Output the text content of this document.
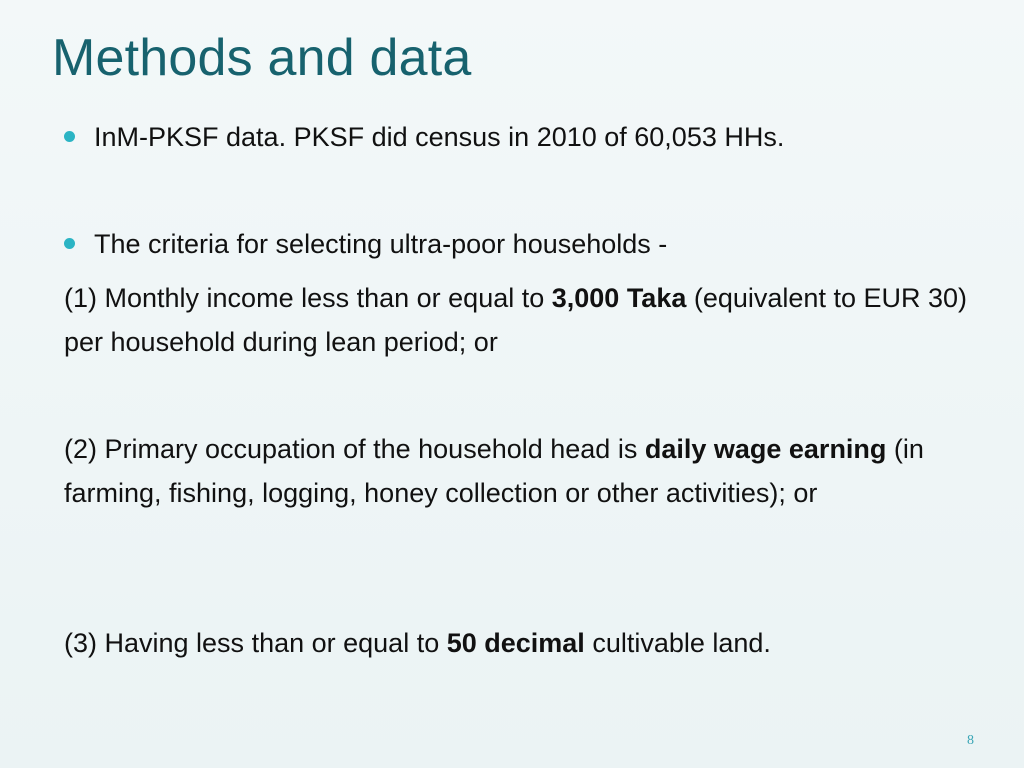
Methods and data
InM-PKSF data. PKSF did census in 2010 of 60,053 HHs.
The criteria for selecting ultra-poor households -
(1) Monthly income less than or equal to 3,000 Taka (equivalent to EUR 30) per household during lean period; or
(2) Primary occupation of the household head is daily wage earning (in farming, fishing, logging, honey collection or other activities); or
(3) Having less than or equal to 50 decimal cultivable land.
8
